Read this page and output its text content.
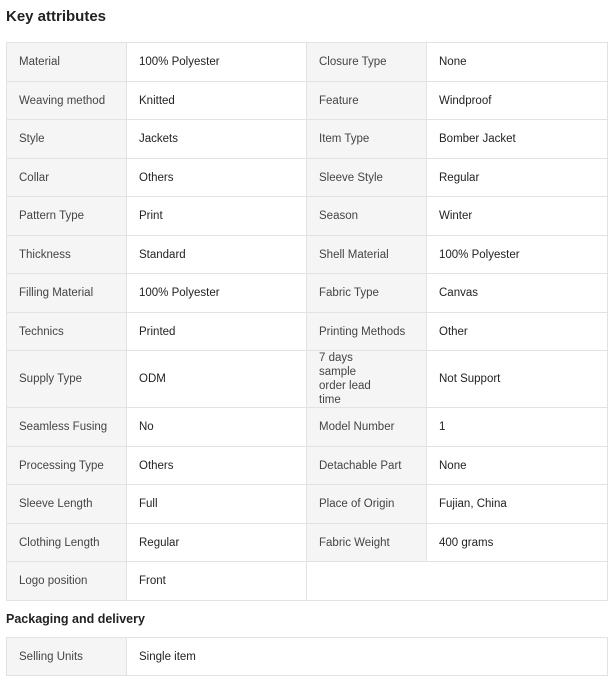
Key attributes
Material	100% Polyester	Closure Type	None
Weaving method	Knitted	Feature	Windproof
Style	Jackets	Item Type	Bomber Jacket
Collar	Others	Sleeve Style	Regular
Pattern Type	Print	Season	Winter
Thickness	Standard	Shell Material	100% Polyester
Filling Material	100% Polyester	Fabric Type	Canvas
Technics	Printed	Printing Methods	Other
Supply Type	ODM	7 days sample order lead time	Not Support
Seamless Fusing	No	Model Number	1
Processing Type	Others	Detachable Part	None
Sleeve Length	Full	Place of Origin	Fujian, China
Clothing Length	Regular	Fabric Weight	400 grams
Logo position	Front		
Packaging and delivery
Selling Units	Single item
